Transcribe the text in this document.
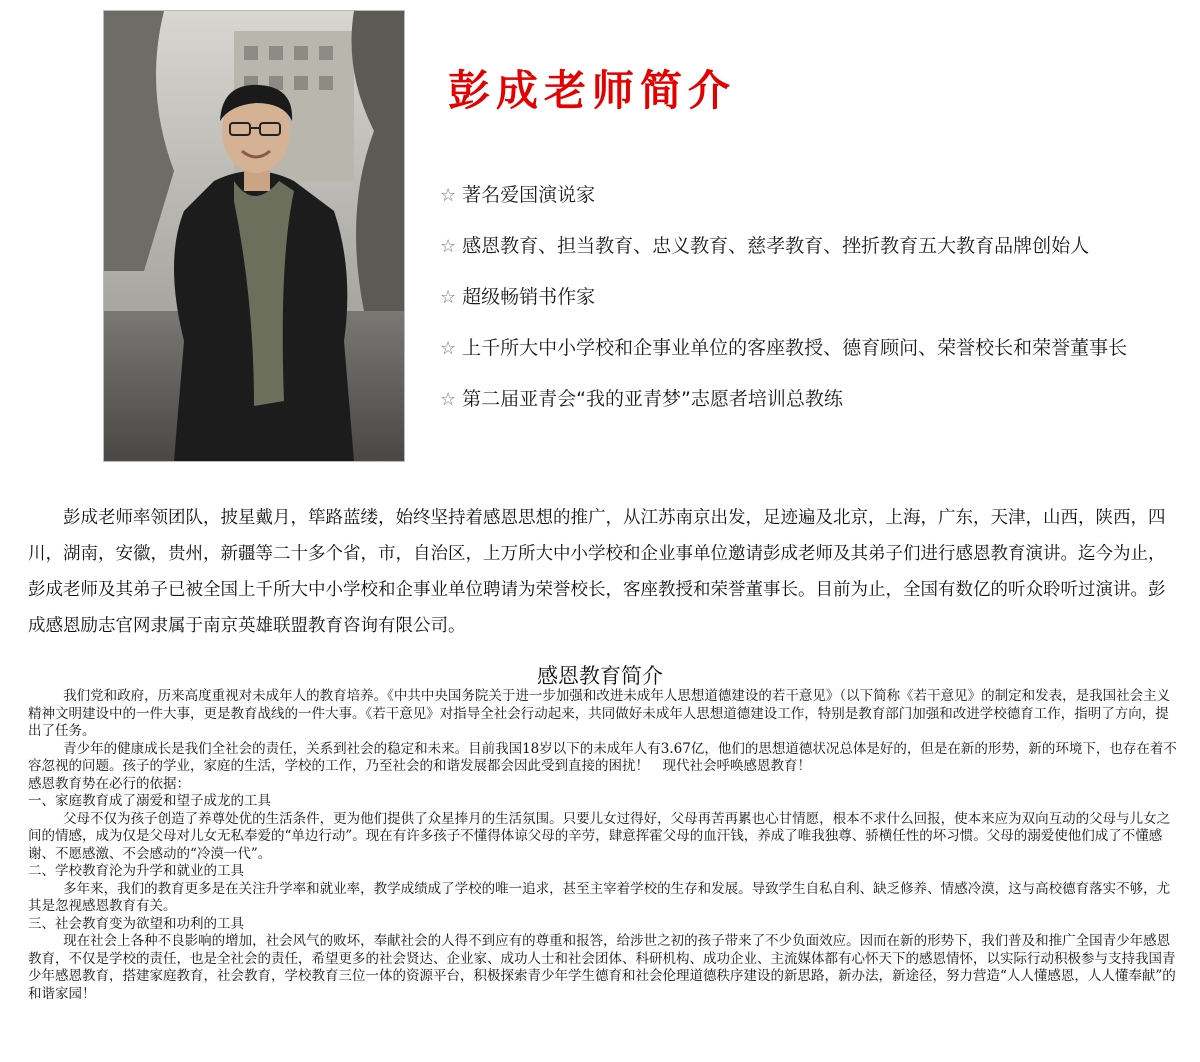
彭成老师简介
☆ 著名爱国演说家
☆ 感恩教育、担当教育、忠义教育、慈孝教育、挫折教育五大教育品牌创始人
☆ 超级畅销书作家
☆ 上千所大中小学校和企事业单位的客座教授、德育顾问、荣誉校长和荣誉董事长
☆ 第二届亚青会“我的亚青梦”志愿者培训总教练

彭成老师率领团队，披星戴月，筚路蓝缕，始终坚持着感恩思想的推广，从江苏南京出发，足迹遍及北京，上海，广东，天津，山西，陕西，四川，湖南，安徽，贵州，新疆等二十多个省，市，自治区，上万所大中小学校和企业事单位邀请彭成老师及其弟子们进行感恩教育演讲。迄今为止，彭成老师及其弟子已被全国上千所大中小学校和企事业单位聘请为荣誉校长，客座教授和荣誉董事长。目前为止，全国有数亿的听众聆听过演讲。彭成感恩励志官网隶属于南京英雄联盟教育咨询有限公司。

感恩教育简介

我们党和政府，历来高度重视对未成年人的教育培养。《中共中央国务院关于进一步加强和改进未成年人思想道德建设的若干意见》（以下简称《若干意见》的制定和发表，是我国社会主义精神文明建设中的一件大事，更是教育战线的一件大事。《若干意见》对指导全社会行动起来，共同做好未成年人思想道德建设工作，特别是教育部门加强和改进学校德育工作，指明了方向，提出了任务。

青少年的健康成长是我们全社会的责任，关系到社会的稳定和未来。目前我国18岁以下的未成年人有3.67亿，他们的思想道德状况总体是好的，但是在新的形势，新的环境下，也存在着不容忽视的问题。孩子的学业，家庭的生活，学校的工作，乃至社会的和谐发展都会因此受到直接的困扰！　现代社会呼唤感恩教育！

感恩教育势在必行的依据：

一、家庭教育成了溺爱和望子成龙的工具

父母不仅为孩子创造了养尊处优的生活条件，更为他们提供了众星捧月的生活氛围。只要儿女过得好，父母再苦再累也心甘情愿，根本不求什么回报，使本来应为双向互动的父母与儿女之间的情感，成为仅是父母对儿女无私奉爱的“单边行动”。现在有许多孩子不懂得体谅父母的辛劳，肆意挥霍父母的血汗钱，养成了唯我独尊、骄横任性的坏习惯。父母的溺爱使他们成了不懂感谢、不愿感激、不会感动的“冷漠一代”。

二、学校教育沦为升学和就业的工具

多年来，我们的教育更多是在关注升学率和就业率，教学成绩成了学校的唯一追求，甚至主宰着学校的生存和发展。导致学生自私自利、缺乏修养、情感冷漠，这与高校德育落实不够，尤其是忽视感恩教育有关。

三、社会教育变为欲望和功利的工具

现在社会上各种不良影响的增加，社会风气的败坏，奉献社会的人得不到应有的尊重和报答，给涉世之初的孩子带来了不少负面效应。因而在新的形势下，我们普及和推广全国青少年感恩教育，不仅是学校的责任，也是全社会的责任，希望更多的社会贤达、企业家、成功人士和社会团体、科研机构、成功企业、主流媒体都有心怀天下的感恩情怀，以实际行动积极参与支持我国青少年感恩教育，搭建家庭教育，社会教育，学校教育三位一体的资源平台，积极探索青少年学生德育和社会伦理道德秩序建设的新思路，新办法，新途径，努力营造“人人懂感恩，人人懂奉献”的和谐家园！
